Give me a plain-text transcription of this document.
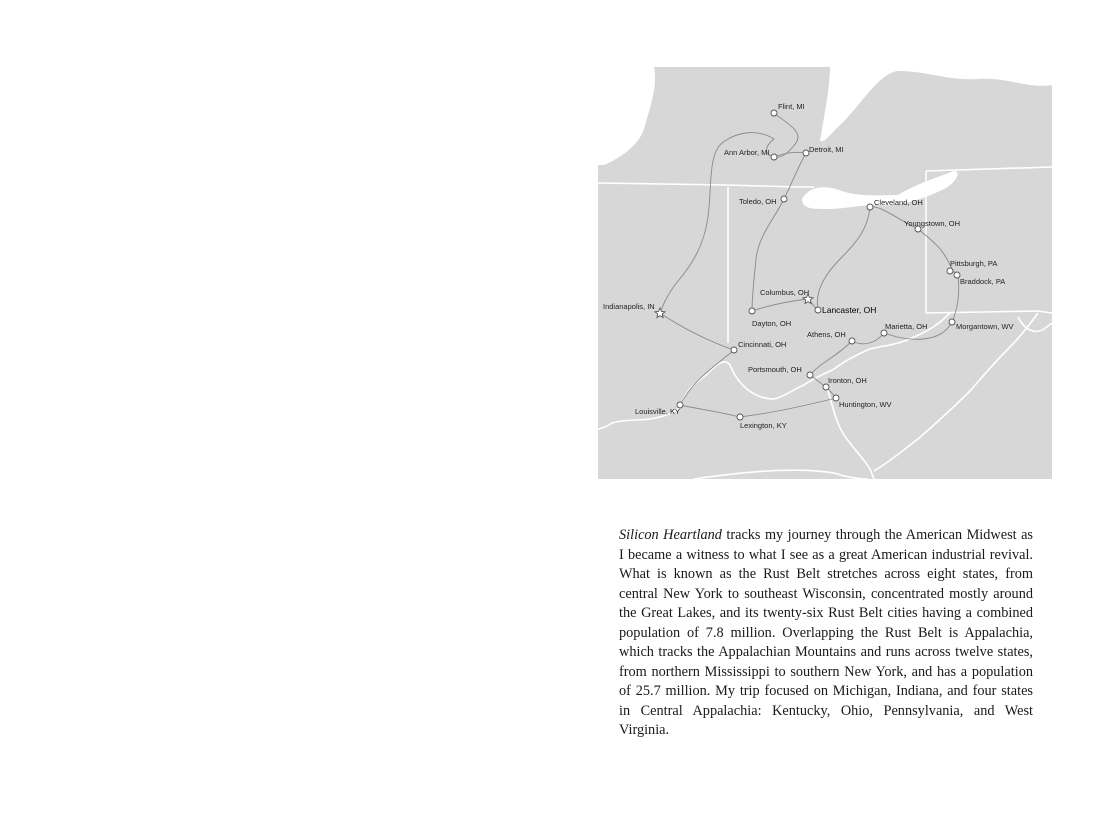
Flint, MI
Ann Arbor, MI	Detroit, MI
Toledo, OH	Cleveland, OH
Youngstown, OH
Pittsburgh, PA
Braddock, PA
Columbus, OH
Lancaster, OH
Indianapolis, IN
Dayton, OH
Athens, OH
Marietta, OH	Morgantown, WV
Cincinnati, OH
Portsmouth, OH
Ironton, OH
Huntington, WV
Louisville, KY
Lexington, KY

Silicon Heartland tracks my journey through the American Midwest as I became a witness to what I see as a great American industrial revival. What is known as the Rust Belt stretches across eight states, from central New York to southeast Wisconsin, concentrated mostly around the Great Lakes, and its twenty-six Rust Belt cities having a combined population of 7.8 million. Overlapping the Rust Belt is Appalachia, which tracks the Appalachian Mountains and runs across twelve states, from northern Mississippi to southern New York, and has a population of 25.7 million. My trip focused on Michigan, Indiana, and four states in Central Appalachia: Kentucky, Ohio, Pennsylvania, and West Virginia.
